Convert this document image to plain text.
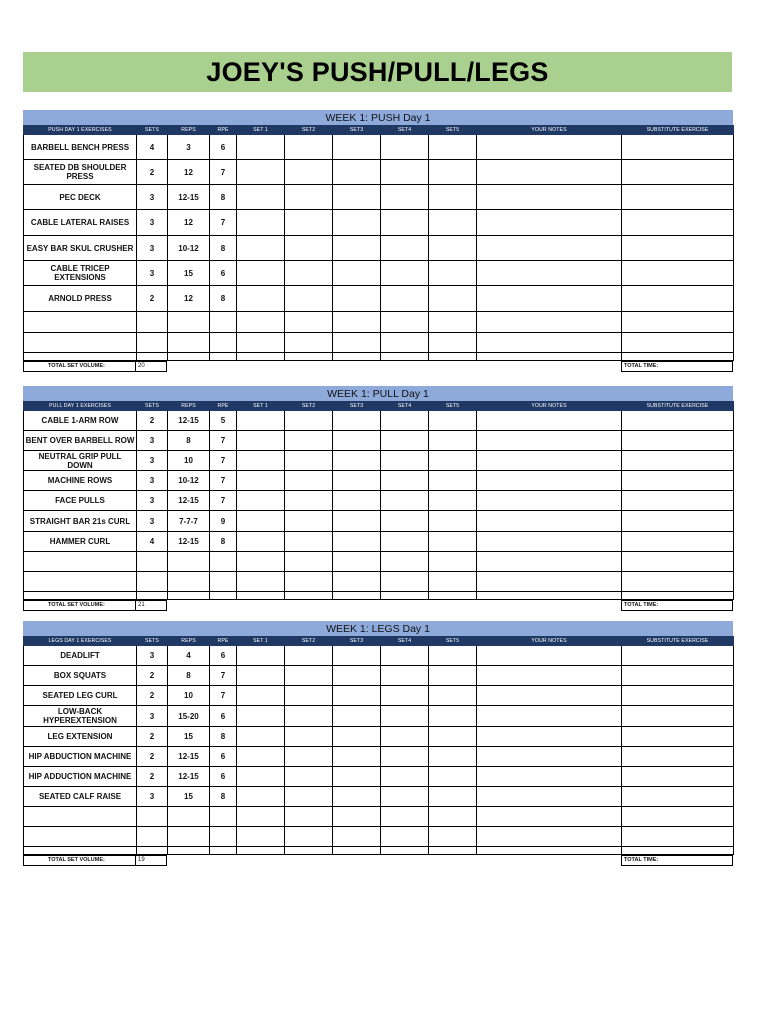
JOEY'S PUSH/PULL/LEGS
WEEK 1: PUSH Day 1
PUSH DAY 1 EXERCISES	SETS	REPS	RPE	SET 1	SET2	SET3	SET4	SET5	YOUR NOTES	SUBSTITUTE EXERCISE
BARBELL BENCH PRESS	4	3	6							
SEATED DB SHOULDER PRESS	2	12	7							
PEC DECK	3	12-15	8							
CABLE LATERAL RAISES	3	12	7							
EASY BAR SKUL CRUSHER	3	10-12	8							
CABLE TRICEP EXTENSIONS	3	15	6							
ARNOLD PRESS	2	12	8							

TOTAL SET VOLUME:	20	TOTAL TIME:
WEEK 1: PULL Day 1
PULL DAY 1 EXERCISES	SETS	REPS	RPE	SET 1	SET2	SET3	SET4	SET5	YOUR NOTES	SUBSTITUTE EXERCISE
CABLE 1-ARM ROW	2	12-15	5							
BENT OVER BARBELL ROW	3	8	7							
NEUTRAL GRIP PULL DOWN	3	10	7							
MACHINE ROWS	3	10-12	7							
FACE PULLS	3	12-15	7							
STRAIGHT BAR 21s CURL	3	7-7-7	9							
HAMMER CURL	4	12-15	8							

TOTAL SET VOLUME:	21	TOTAL TIME:
WEEK 1: LEGS Day 1
LEGS DAY 1 EXERCISES	SETS	REPS	RPE	SET 1	SET2	SET3	SET4	SET5	YOUR NOTES	SUBSTITUTE EXERCISE
DEADLIFT	3	4	6							
BOX SQUATS	2	8	7							
SEATED LEG CURL	2	10	7							
LOW-BACK HYPEREXTENSION	3	15-20	6							
LEG EXTENSION	2	15	8							
HIP ABDUCTION MACHINE	2	12-15	6							
HIP ADDUCTION MACHINE	2	12-15	6							
SEATED CALF RAISE	3	15	8							

TOTAL SET VOLUME:	19	TOTAL TIME:
